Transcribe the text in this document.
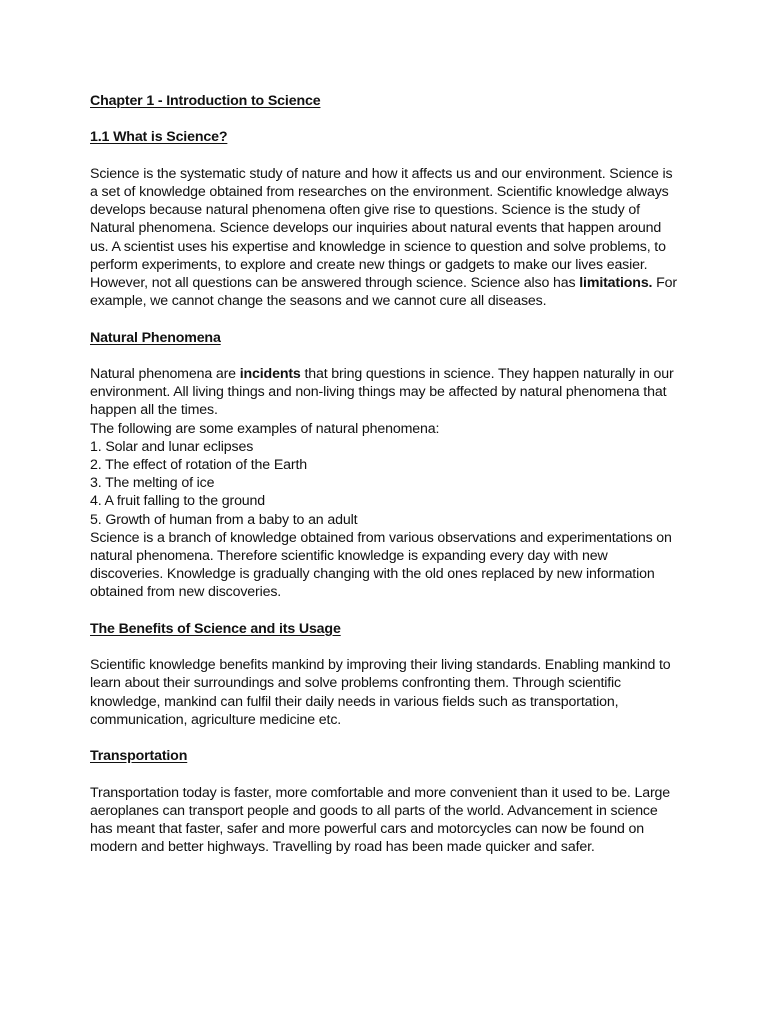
Chapter 1 - Introduction to Science

1.1 What is Science?

Science is the systematic study of nature and how it affects us and our environment. Science is a set of knowledge obtained from researches on the environment. Scientific knowledge always develops because natural phenomena often give rise to questions. Science is the study of Natural phenomena. Science develops our inquiries about natural events that happen around us. A scientist uses his expertise and knowledge in science to question and solve problems, to perform experiments, to explore and create new things or gadgets to make our lives easier. However, not all questions can be answered through science. Science also has limitations. For example, we cannot change the seasons and we cannot cure all diseases.

Natural Phenomena

Natural phenomena are incidents that bring questions in science. They happen naturally in our environment. All living things and non-living things may be affected by natural phenomena that happen all the times.

The following are some examples of natural phenomena:

1. Solar and lunar eclipses

2. The effect of rotation of the Earth

3. The melting of ice

4. A fruit falling to the ground

5. Growth of human from a baby to an adult

Science is a branch of knowledge obtained from various observations and experimentations on natural phenomena. Therefore scientific knowledge is expanding every day with new discoveries. Knowledge is gradually changing with the old ones replaced by new information obtained from new discoveries.

The Benefits of Science and its Usage

Scientific knowledge benefits mankind by improving their living standards. Enabling mankind to learn about their surroundings and solve problems confronting them. Through scientific knowledge, mankind can fulfil their daily needs in various fields such as transportation, communication, agriculture medicine etc.

Transportation

Transportation today is faster, more comfortable and more convenient than it used to be. Large aeroplanes can transport people and goods to all parts of the world. Advancement in science has meant that faster, safer and more powerful cars and motorcycles can now be found on modern and better highways. Travelling by road has been made quicker and safer.
